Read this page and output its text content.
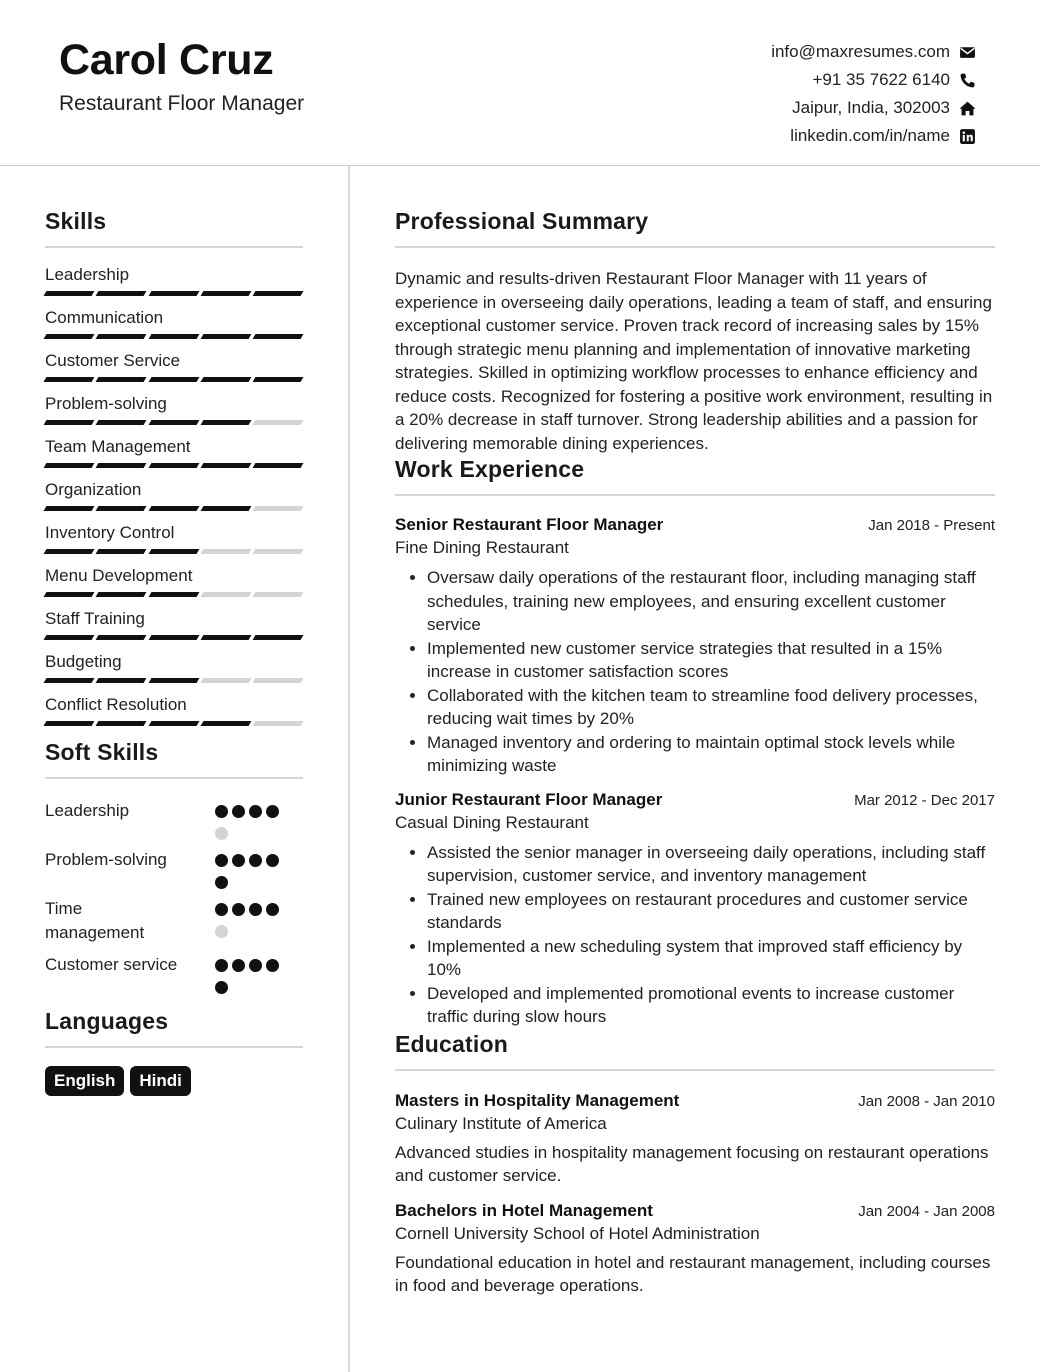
Carol Cruz
Restaurant Floor Manager
info@maxresumes.com
+91 35 7622 6140
Jaipur, India, 302003
linkedin.com/in/name
Skills
Leadership
Communication
Customer Service
Problem-solving
Team Management
Organization
Inventory Control
Menu Development
Staff Training
Budgeting
Conflict Resolution
Soft Skills
Leadership
Problem-solving
Time management
Customer service
Languages
English	Hindi
Professional Summary
Dynamic and results-driven Restaurant Floor Manager with 11 years of experience in overseeing daily operations, leading a team of staff, and ensuring exceptional customer service. Proven track record of increasing sales by 15% through strategic menu planning and implementation of innovative marketing strategies. Skilled in optimizing workflow processes to enhance efficiency and reduce costs. Recognized for fostering a positive work environment, resulting in a 20% decrease in staff turnover. Strong leadership abilities and a passion for delivering memorable dining experiences.
Work Experience
Senior Restaurant Floor Manager	Jan 2018 - Present
Fine Dining Restaurant
• Oversaw daily operations of the restaurant floor, including managing staff schedules, training new employees, and ensuring excellent customer service
• Implemented new customer service strategies that resulted in a 15% increase in customer satisfaction scores
• Collaborated with the kitchen team to streamline food delivery processes, reducing wait times by 20%
• Managed inventory and ordering to maintain optimal stock levels while minimizing waste
Junior Restaurant Floor Manager	Mar 2012 - Dec 2017
Casual Dining Restaurant
• Assisted the senior manager in overseeing daily operations, including staff supervision, customer service, and inventory management
• Trained new employees on restaurant procedures and customer service standards
• Implemented a new scheduling system that improved staff efficiency by 10%
• Developed and implemented promotional events to increase customer traffic during slow hours
Education
Masters in Hospitality Management	Jan 2008 - Jan 2010
Culinary Institute of America
Advanced studies in hospitality management focusing on restaurant operations and customer service.
Bachelors in Hotel Management	Jan 2004 - Jan 2008
Cornell University School of Hotel Administration
Foundational education in hotel and restaurant management, including courses in food and beverage operations.
